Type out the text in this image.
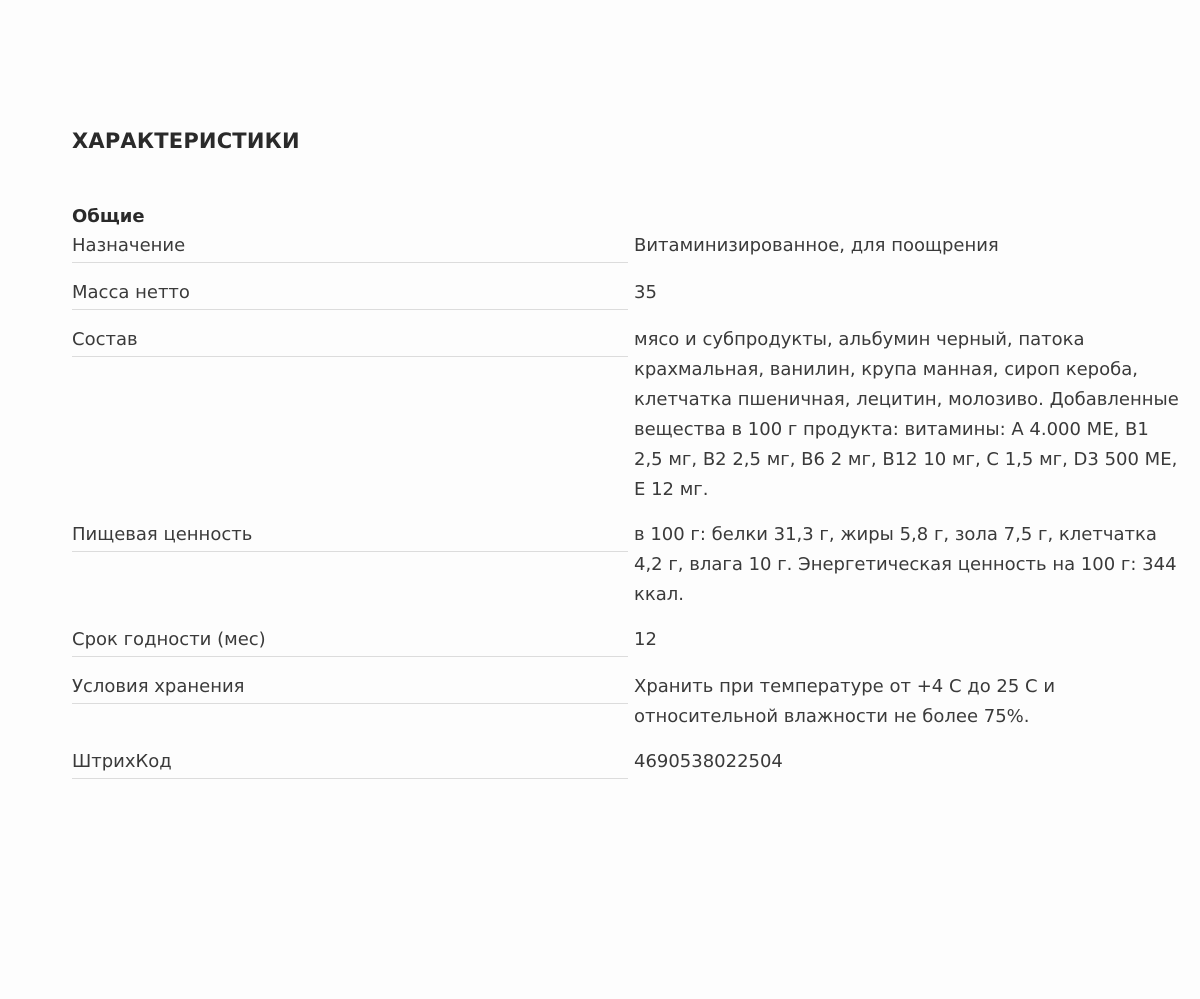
ХАРАКТЕРИСТИКИ
Общие
Назначение	Витаминизированное, для поощрения
Масса нетто	35
Состав	мясо и субпродукты, альбумин черный, патока крахмальная, ванилин, крупа манная, сироп кероба, клетчатка пшеничная, лецитин, молозиво. Добавленные вещества в 100 г продукта: витамины: А 4.000 МЕ, В1 2,5 мг, В2 2,5 мг, В6 2 мг, В12 10 мг, С 1,5 мг, D3 500 МЕ, Е 12 мг.
Пищевая ценность	в 100 г: белки 31,3 г, жиры 5,8 г, зола 7,5 г, клетчатка 4,2 г, влага 10 г. Энергетическая ценность на 100 г: 344 ккал.
Срок годности (мес)	12
Условия хранения	Хранить при температуре от +4 С до 25 С и относительной влажности не более 75%.
ШтрихКод	4690538022504
